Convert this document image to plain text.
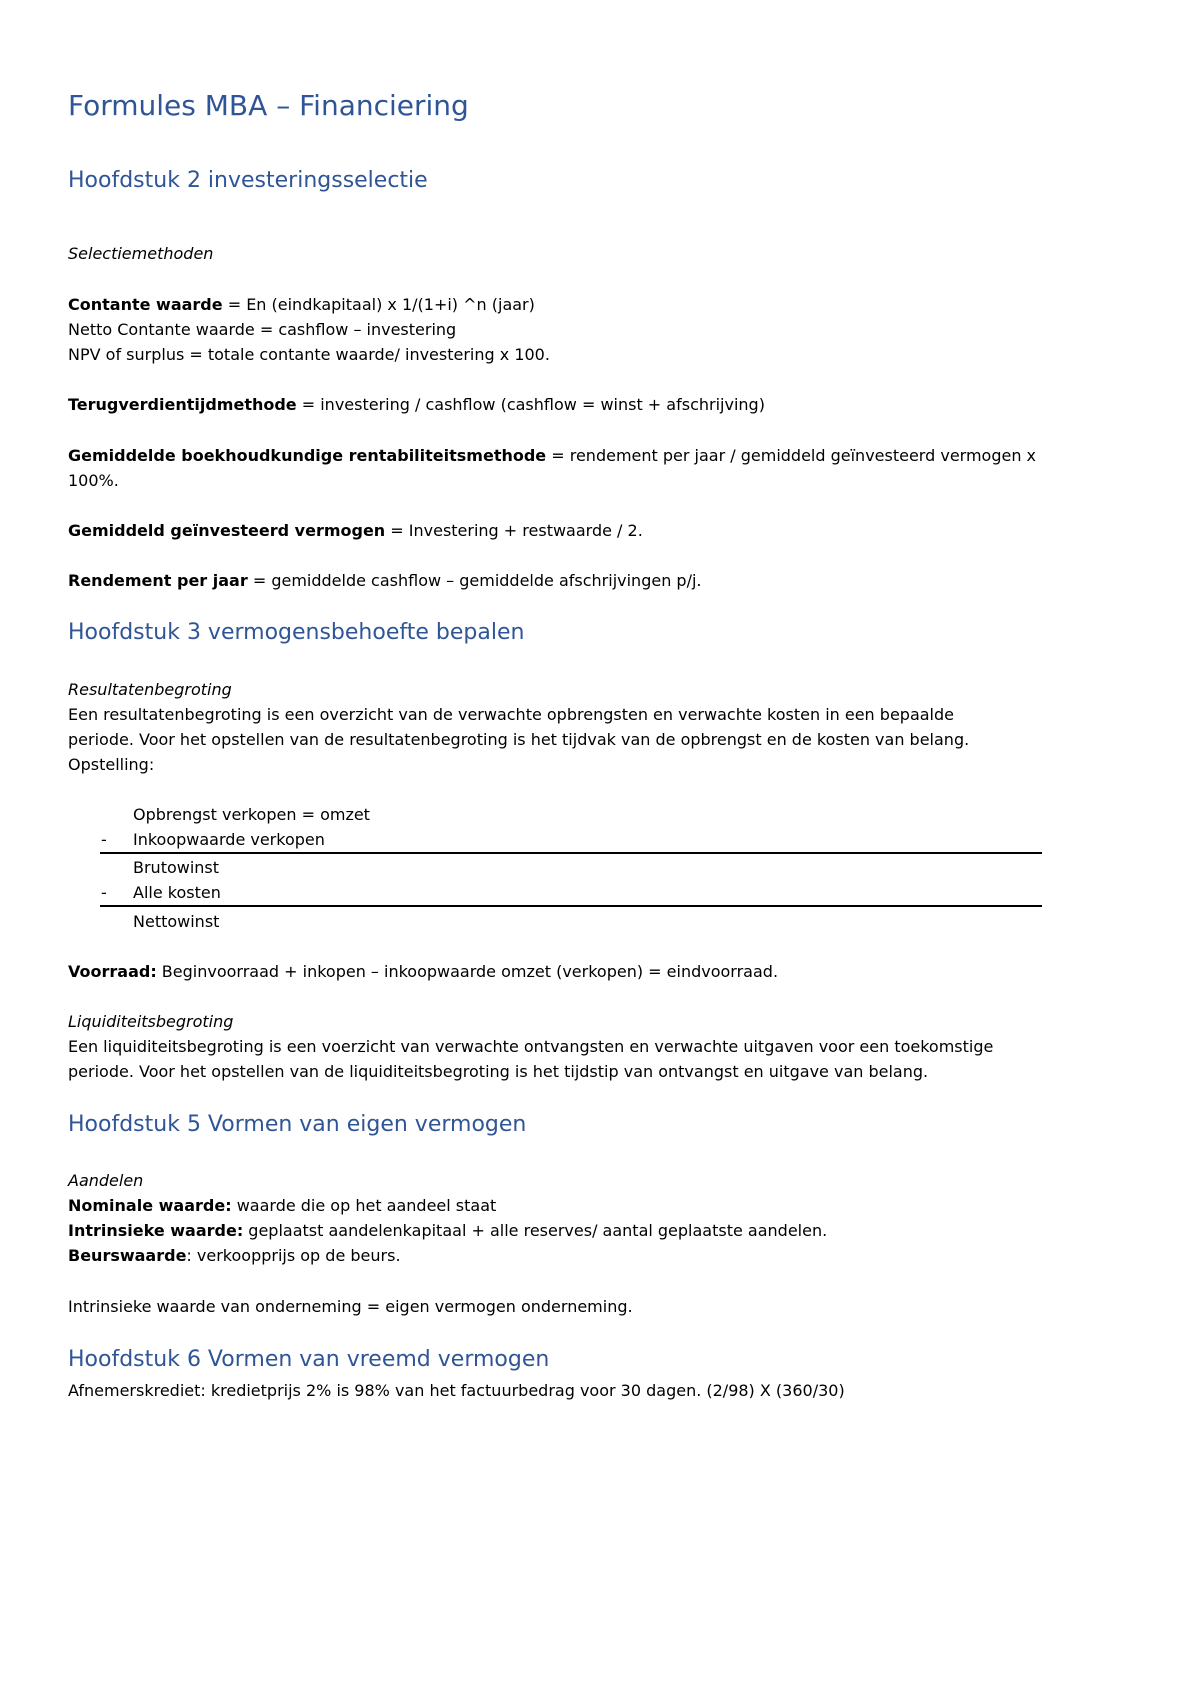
Formules MBA – Financiering
Hoofdstuk 2 investeringsselectie

Selectiemethoden

Contante waarde = En (eindkapitaal) x 1/(1+i) ^n (jaar)

Netto Contante waarde = cashflow – investering

NPV of surplus = totale contante waarde/ investering x 100.

Terugverdientijdmethode = investering / cashflow (cashflow = winst + afschrijving)

Gemiddelde boekhoudkundige rentabiliteitsmethode = rendement per jaar / gemiddeld geïnvesteerd vermogen x

100%.

Gemiddeld geïnvesteerd vermogen = Investering + restwaarde / 2.

Rendement per jaar = gemiddelde cashflow – gemiddelde afschrijvingen p/j.

Hoofdstuk 3 vermogensbehoefte bepalen

Resultatenbegroting

Een resultatenbegroting is een overzicht van de verwachte opbrengsten en verwachte kosten in een bepaalde

periode. Voor het opstellen van de resultatenbegroting is het tijdvak van de opbrengst en de kosten van belang.

Opstelling:

Opbrengst verkopen = omzet

- Inkoopwaarde verkopen

Brutowinst

- Alle kosten

Nettowinst

Voorraad: Beginvoorraad + inkopen – inkoopwaarde omzet (verkopen) = eindvoorraad.

Liquiditeitsbegroting

Een liquiditeitsbegroting is een voerzicht van verwachte ontvangsten en verwachte uitgaven voor een toekomstige

periode. Voor het opstellen van de liquiditeitsbegroting is het tijdstip van ontvangst en uitgave van belang.

Hoofdstuk 5 Vormen van eigen vermogen

Aandelen

Nominale waarde: waarde die op het aandeel staat

Intrinsieke waarde: geplaatst aandelenkapitaal + alle reserves/ aantal geplaatste aandelen.

Beurswaarde: verkoopprijs op de beurs.

Intrinsieke waarde van onderneming = eigen vermogen onderneming.

Hoofdstuk 6 Vormen van vreemd vermogen

Afnemerskrediet: kredietprijs 2% is 98% van het factuurbedrag voor 30 dagen. (2/98) X (360/30)
